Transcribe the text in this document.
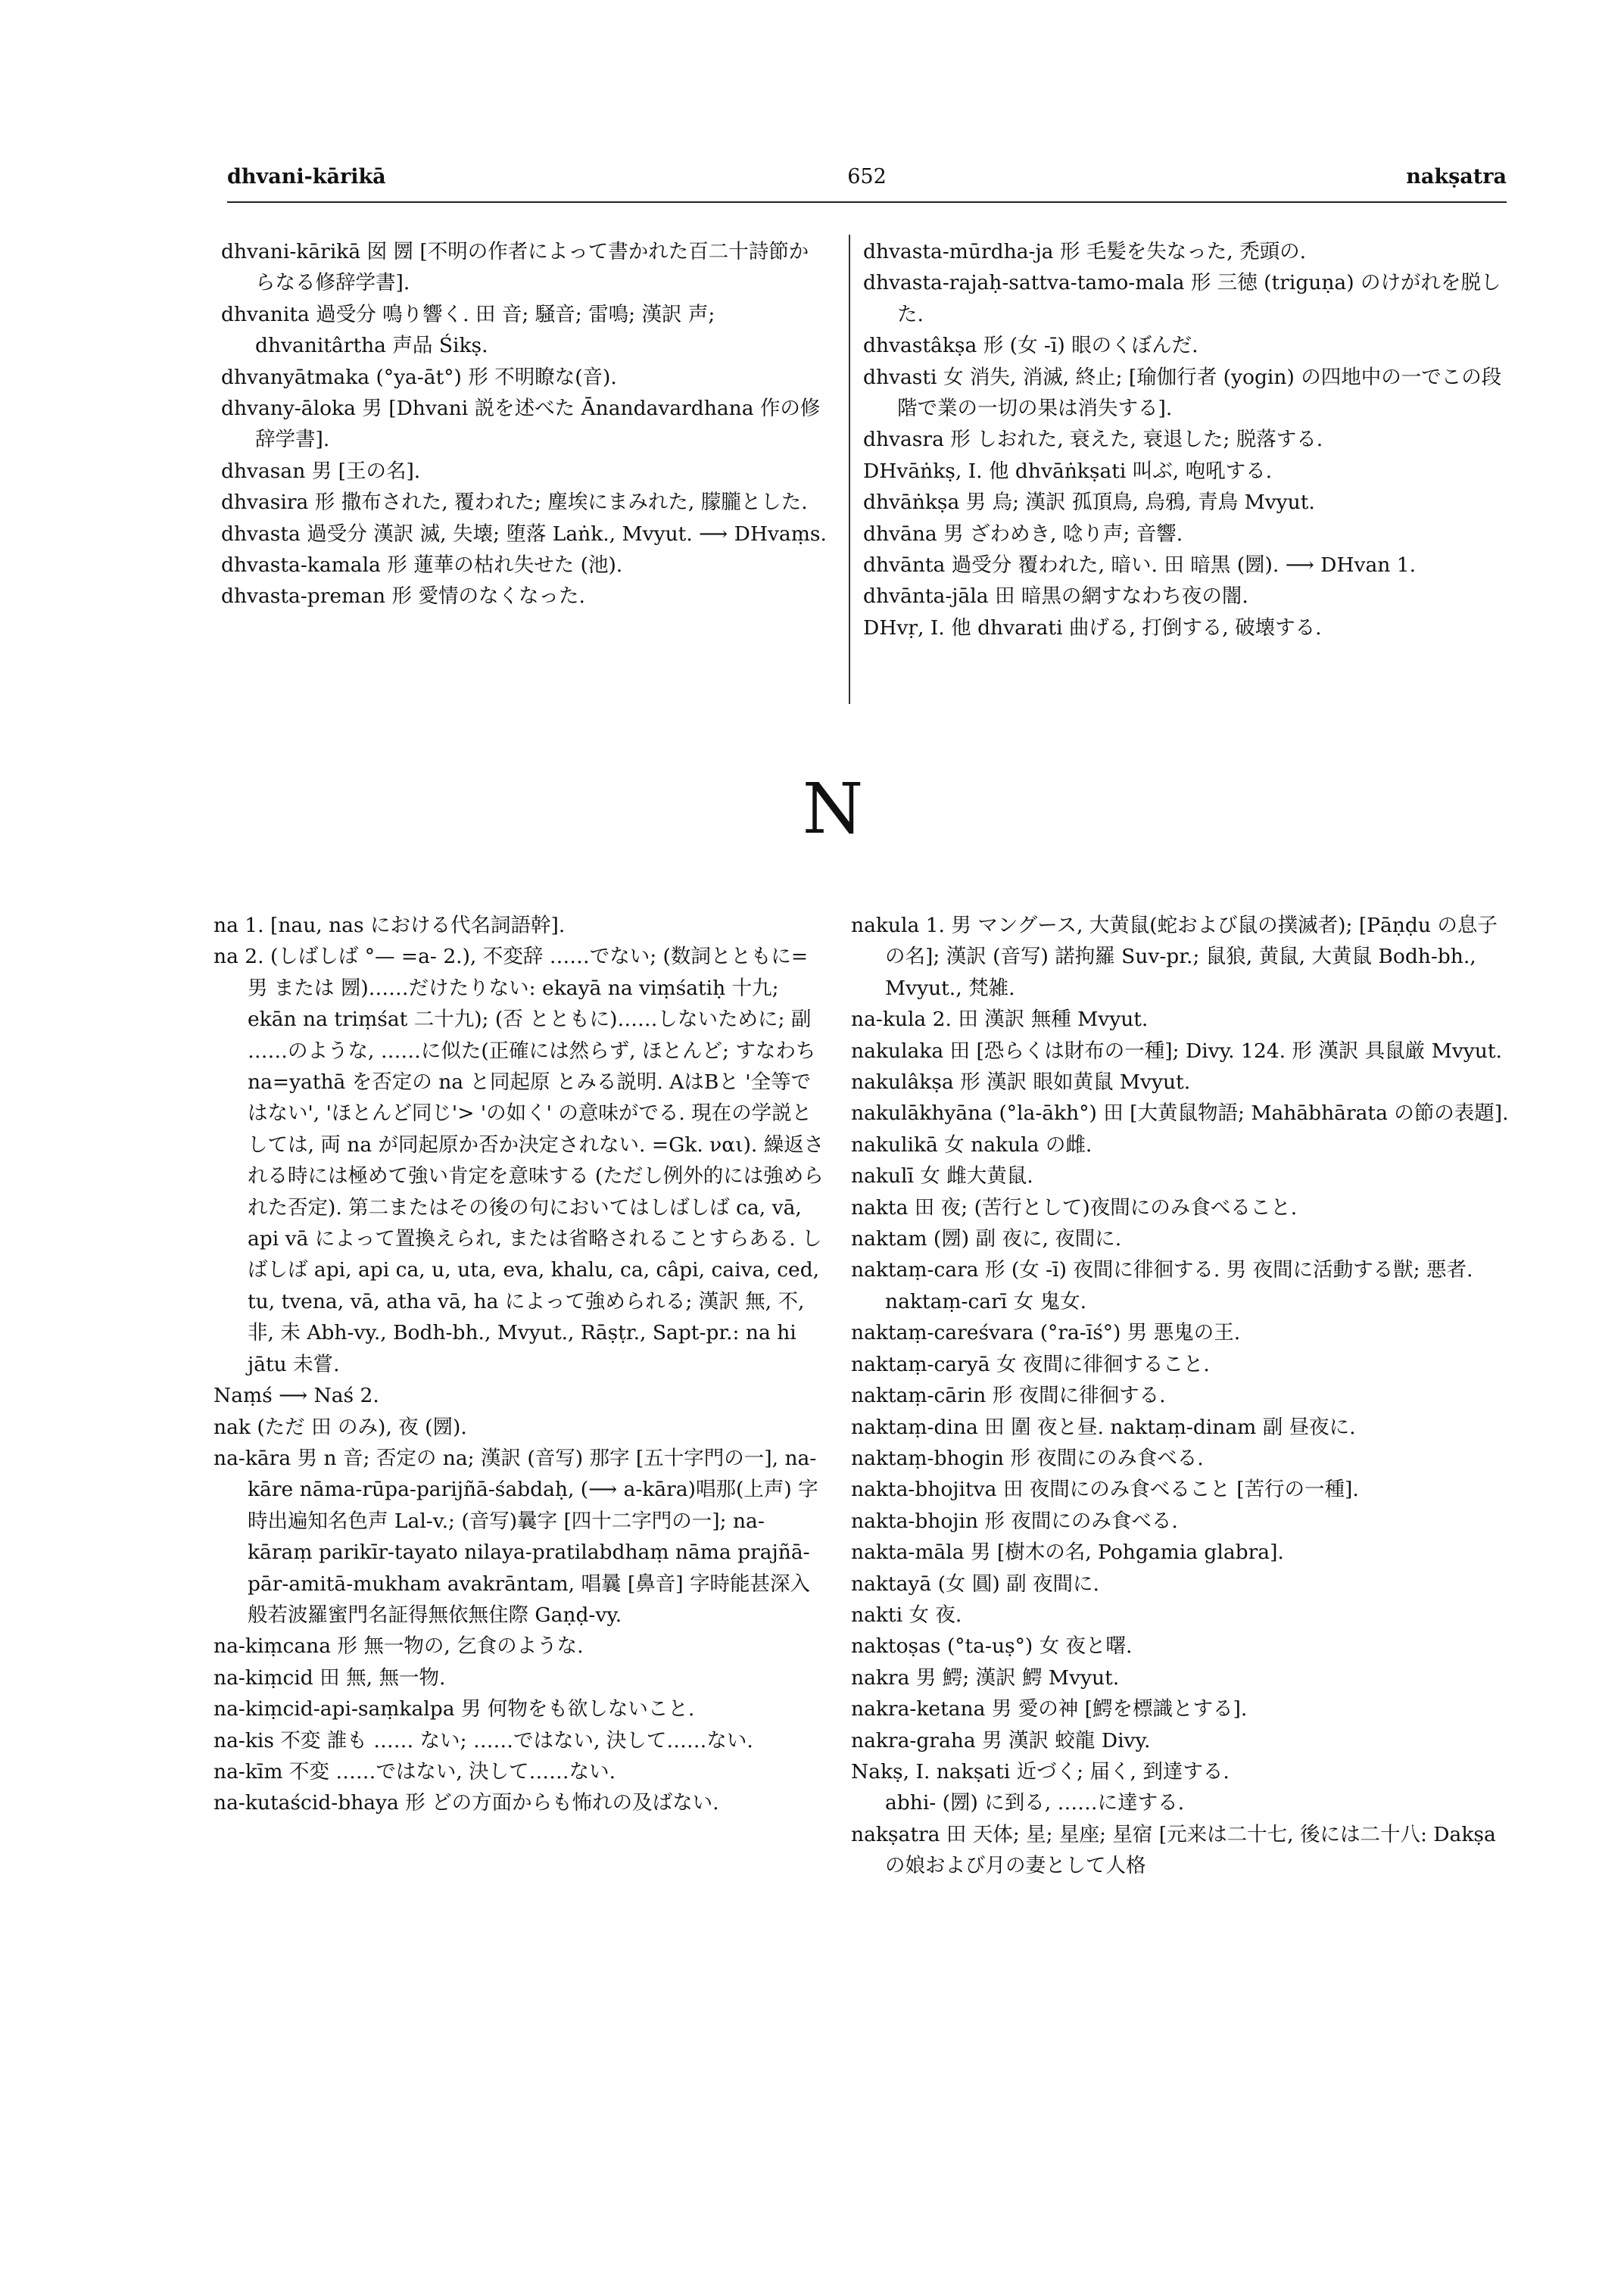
dhvani-kārikā	652	nakṣatra
dhvani-kārikā 囡 圐 [不明の作者によって書かれた百二十詩節からなる修辞学書].
dhvanita 過受分 鳴り響く. 田 音; 騒音; 雷鳴; 漢訳 声; dhvanitârtha 声品 Śikṣ.
dhvanyātmaka (°ya-āt°) 形 不明瞭な(音).
dhvany-āloka 男 [Dhvani 説を述べた Ānandavardhana 作の修辞学書].
dhvasan 男 [王の名].
dhvasira 形 撒布された, 覆われた; 塵埃にまみれた, 朦朧とした.
dhvasta 過受分 漢訳 滅, 失壊; 堕落 Laṅk., Mvyut. ⟶ DHvaṃs.
dhvasta-kamala 形 蓮華の枯れ失せた (池).
dhvasta-preman 形 愛情のなくなった.
dhvasta-mūrdha-ja 形 毛髪を失なった, 禿頭の.
dhvasta-rajaḥ-sattva-tamo-mala 形 三徳 (triguṇa) のけがれを脱した.
dhvastâkṣa 形 (女 -ī) 眼のくぼんだ.
dhvasti 女 消失, 消滅, 終止; [瑜伽行者 (yogin) の四地中の一でこの段階で業の一切の果は消失する].
dhvasra 形 しおれた, 衰えた, 衰退した; 脱落する.
DHvāṅkṣ, I. 他 dhvāṅkṣati 叫ぶ, 咆吼する.
dhvāṅkṣa 男 烏; 漢訳 孤頂鳥, 烏鴉, 青鳥 Mvyut.
dhvāna 男 ざわめき, 唸り声; 音響.
dhvānta 過受分 覆われた, 暗い. 田 暗黒 (圐). ⟶ DHvan 1.
dhvānta-jāla 田 暗黒の網すなわち夜の闇.
DHvṛ, I. 他 dhvarati 曲げる, 打倒する, 破壊する.
N
na 1. [nau, nas における代名詞語幹].
na 2. (しばしば °— =a- 2.), 不変辞 ……でない; (数詞とともに=男 または 圐)……だけたりない: ekayā na viṃśatiḥ 十九; ekān na triṃśat 二十九); (否 とともに)……しないために; 副 ……のような, ……に似た(正確には然らず, ほとんど; すなわち na=yathā を否定の na と同起原 とみる説明. AはBと '全等ではない', 'ほとんど同じ'> 'の如く' の意味がでる. 現在の学説としては, 両 na が同起原か否か決定されない. =Gk. ναι). 繰返される時には極めて強い肯定を意味する (ただし例外的には強められた否定). 第二またはその後の句においてはしばしば ca, vā, api vā によって置換えられ, または省略されることすらある. しばしば api, api ca, u, uta, eva, khalu, ca, câpi, caiva, ced, tu, tvena, vā, atha vā, ha によって強められる; 漢訳 無, 不, 非, 未 Abh-vy., Bodh-bh., Mvyut., Rāṣṭr., Sapt-pr.: na hi jātu 未嘗.
Naṃś ⟶ Naś 2.
nak (ただ 田 のみ), 夜 (圐).
na-kāra 男 n 音; 否定の na; 漢訳 (音写) 那字 [五十字門の一], na-kāre nāma-rūpa-parijñā-śabdaḥ, (⟶ a-kāra)唱那(上声) 字時出遍知名色声 Lal-v.; (音写)曩字 [四十二字門の一]; na-kāraṃ parikīr-tayato nilaya-pratilabdhaṃ nāma prajñā-pār-amitā-mukham avakrāntam, 唱曩 [鼻音] 字時能甚深入般若波羅蜜門名証得無依無住際 Gaṇḍ-vy.
na-kiṃcana 形 無一物の, 乞食のような.
na-kiṃcid 田 無, 無一物.
na-kiṃcid-api-saṃkalpa 男 何物をも欲しないこと.
na-kis 不変 誰も …… ない; ……ではない, 決して……ない.
na-kīm 不変 ……ではない, 決して……ない.
na-kutaścid-bhaya 形 どの方面からも怖れの及ばない.
nakula 1. 男 マングース, 大黄鼠(蛇および鼠の撲滅者); [Pāṇḍu の息子の名]; 漢訳 (音写) 諾拘羅 Suv-pr.; 鼠狼, 黄鼠, 大黄鼠 Bodh-bh., Mvyut., 梵雑.
na-kula 2. 田 漢訳 無種 Mvyut.
nakulaka 田 [恐らくは財布の一種]; Divy. 124. 形 漢訳 具鼠厳 Mvyut.
nakulâkṣa 形 漢訳 眼如黄鼠 Mvyut.
nakulākhyāna (°la-ākh°) 田 [大黄鼠物語; Mahābhārata の節の表題].
nakulikā 女 nakula の雌.
nakulī 女 雌大黄鼠.
nakta 田 夜; (苦行として)夜間にのみ食べること.
naktam (圐) 副 夜に, 夜間に.
naktaṃ-cara 形 (女 -ī) 夜間に徘徊する. 男 夜間に活動する獣; 悪者. naktaṃ-carī 女 鬼女.
naktaṃ-careśvara (°ra-īś°) 男 悪鬼の王.
naktaṃ-caryā 女 夜間に徘徊すること.
naktaṃ-cārin 形 夜間に徘徊する.
naktaṃ-dina 田 圍 夜と昼. naktaṃ-dinam 副 昼夜に.
naktaṃ-bhogin 形 夜間にのみ食べる.
nakta-bhojitva 田 夜間にのみ食べること [苦行の一種].
nakta-bhojin 形 夜間にのみ食べる.
nakta-māla 男 [樹木の名, Pohgamia glabra].
naktayā (女 圓) 副 夜間に.
nakti 女 夜.
naktoṣas (°ta-uṣ°) 女 夜と曙.
nakra 男 鰐; 漢訳 鰐 Mvyut.
nakra-ketana 男 愛の神 [鰐を標識とする].
nakra-graha 男 漢訳 蛟龍 Divy.
Nakṣ, I. nakṣati 近づく; 届く, 到達する.
abhi- (圐) に到る, ……に達する.
nakṣatra 田 天体; 星; 星座; 星宿 [元来は二十七, 後には二十八: Dakṣa の娘および月の妻として人格
